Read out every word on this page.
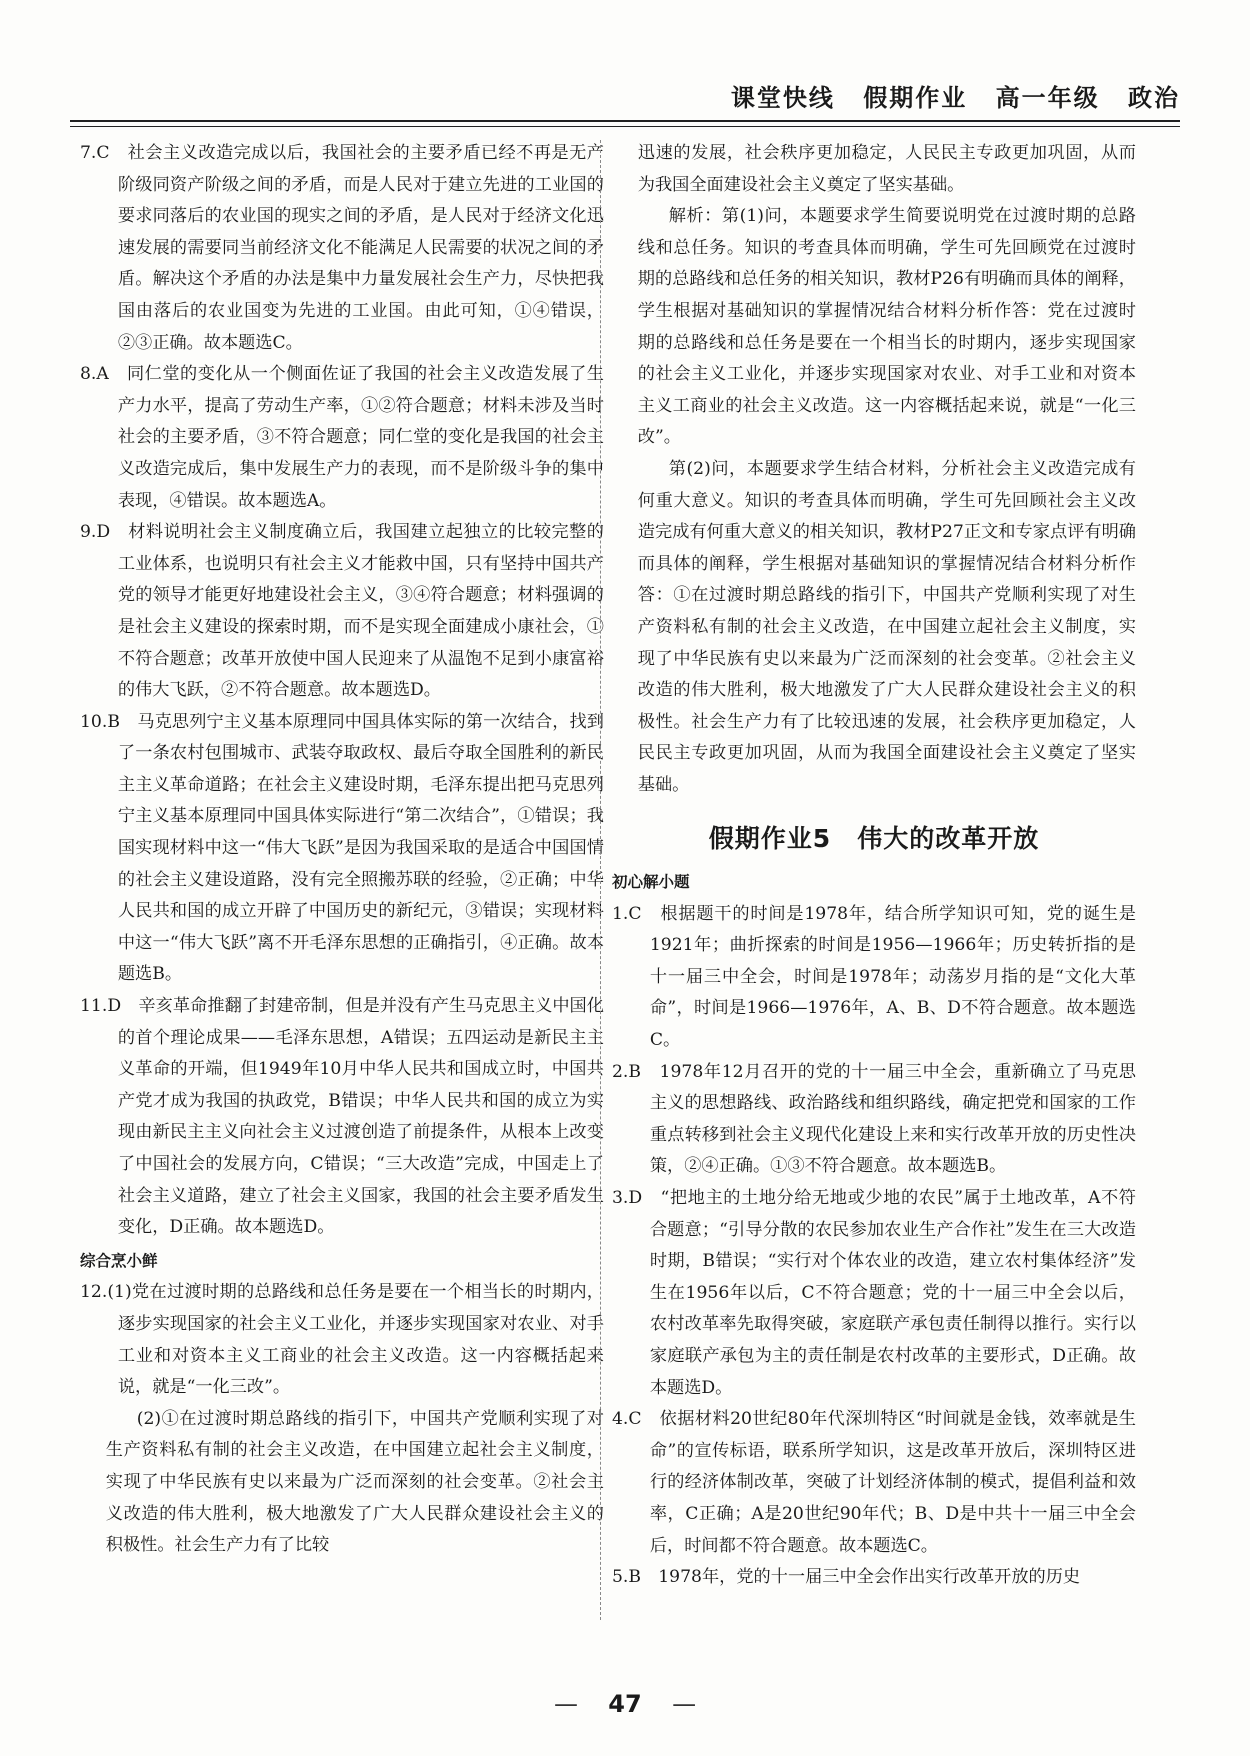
课堂快线 假期作业 高一年级 政治

7.C　社会主义改造完成以后，我国社会的主要矛盾已经不再是无产阶级同资产阶级之间的矛盾，而是人民对于建立先进的工业国的要求同落后的农业国的现实之间的矛盾，是人民对于经济文化迅速发展的需要同当前经济文化不能满足人民需要的状况之间的矛盾。解决这个矛盾的办法是集中力量发展社会生产力，尽快把我国由落后的农业国变为先进的工业国。由此可知，①④错误，②③正确。故本题选C。

8.A　同仁堂的变化从一个侧面佐证了我国的社会主义改造发展了生产力水平，提高了劳动生产率，①②符合题意；材料未涉及当时社会的主要矛盾，③不符合题意；同仁堂的变化是我国的社会主义改造完成后，集中发展生产力的表现，而不是阶级斗争的集中表现，④错误。故本题选A。

9.D　材料说明社会主义制度确立后，我国建立起独立的比较完整的工业体系，也说明只有社会主义才能救中国，只有坚持中国共产党的领导才能更好地建设社会主义，③④符合题意；材料强调的是社会主义建设的探索时期，而不是实现全面建成小康社会，①不符合题意；改革开放使中国人民迎来了从温饱不足到小康富裕的伟大飞跃，②不符合题意。故本题选D。

10.B　马克思列宁主义基本原理同中国具体实际的第一次结合，找到了一条农村包围城市、武装夺取政权、最后夺取全国胜利的新民主主义革命道路；在社会主义建设时期，毛泽东提出把马克思列宁主义基本原理同中国具体实际进行“第二次结合”，①错误；我国实现材料中这一“伟大飞跃”是因为我国采取的是适合中国国情的社会主义建设道路，没有完全照搬苏联的经验，②正确；中华人民共和国的成立开辟了中国历史的新纪元，③错误；实现材料中这一“伟大飞跃”离不开毛泽东思想的正确指引，④正确。故本题选B。

11.D　辛亥革命推翻了封建帝制，但是并没有产生马克思主义中国化的首个理论成果——毛泽东思想，A错误；五四运动是新民主主义革命的开端，但1949年10月中华人民共和国成立时，中国共产党才成为我国的执政党，B错误；中华人民共和国的成立为实现由新民主主义向社会主义过渡创造了前提条件，从根本上改变了中国社会的发展方向，C错误；“三大改造”完成，中国走上了社会主义道路，建立了社会主义国家，我国的社会主要矛盾发生变化，D正确。故本题选D。

综合烹小鲜

12.(1)党在过渡时期的总路线和总任务是要在一个相当长的时期内，逐步实现国家的社会主义工业化，并逐步实现国家对农业、对手工业和对资本主义工商业的社会主义改造。这一内容概括起来说，就是“一化三改”。

(2)①在过渡时期总路线的指引下，中国共产党顺利实现了对生产资料私有制的社会主义改造，在中国建立起社会主义制度，实现了中华民族有史以来最为广泛而深刻的社会变革。②社会主义改造的伟大胜利，极大地激发了广大人民群众建设社会主义的积极性。社会生产力有了比较

迅速的发展，社会秩序更加稳定，人民民主专政更加巩固，从而为我国全面建设社会主义奠定了坚实基础。

解析：第(1)问，本题要求学生简要说明党在过渡时期的总路线和总任务。知识的考查具体而明确，学生可先回顾党在过渡时期的总路线和总任务的相关知识，教材P26有明确而具体的阐释，学生根据对基础知识的掌握情况结合材料分析作答：党在过渡时期的总路线和总任务是要在一个相当长的时期内，逐步实现国家的社会主义工业化，并逐步实现国家对农业、对手工业和对资本主义工商业的社会主义改造。这一内容概括起来说，就是“一化三改”。

第(2)问，本题要求学生结合材料，分析社会主义改造完成有何重大意义。知识的考查具体而明确，学生可先回顾社会主义改造完成有何重大意义的相关知识，教材P27正文和专家点评有明确而具体的阐释，学生根据对基础知识的掌握情况结合材料分析作答：①在过渡时期总路线的指引下，中国共产党顺利实现了对生产资料私有制的社会主义改造，在中国建立起社会主义制度，实现了中华民族有史以来最为广泛而深刻的社会变革。②社会主义改造的伟大胜利，极大地激发了广大人民群众建设社会主义的积极性。社会生产力有了比较迅速的发展，社会秩序更加稳定，人民民主专政更加巩固，从而为我国全面建设社会主义奠定了坚实基础。

假期作业5　伟大的改革开放

初心解小题

1.C　根据题干的时间是1978年，结合所学知识可知，党的诞生是1921年；曲折探索的时间是1956—1966年；历史转折指的是十一届三中全会，时间是1978年；动荡岁月指的是“文化大革命”，时间是1966—1976年，A、B、D不符合题意。故本题选C。

2.B　1978年12月召开的党的十一届三中全会，重新确立了马克思主义的思想路线、政治路线和组织路线，确定把党和国家的工作重点转移到社会主义现代化建设上来和实行改革开放的历史性决策，②④正确。①③不符合题意。故本题选B。

3.D　“把地主的土地分给无地或少地的农民”属于土地改革，A不符合题意；“引导分散的农民参加农业生产合作社”发生在三大改造时期，B错误；“实行对个体农业的改造，建立农村集体经济”发生在1956年以后，C不符合题意；党的十一届三中全会以后，农村改革率先取得突破，家庭联产承包责任制得以推行。实行以家庭联产承包为主的责任制是农村改革的主要形式，D正确。故本题选D。

4.C　依据材料20世纪80年代深圳特区“时间就是金钱，效率就是生命”的宣传标语，联系所学知识，这是改革开放后，深圳特区进行的经济体制改革，突破了计划经济体制的模式，提倡利益和效率，C正确；A是20世纪90年代；B、D是中共十一届三中全会后，时间都不符合题意。故本题选C。

5.B　1978年，党的十一届三中全会作出实行改革开放的历史

— 47 —
